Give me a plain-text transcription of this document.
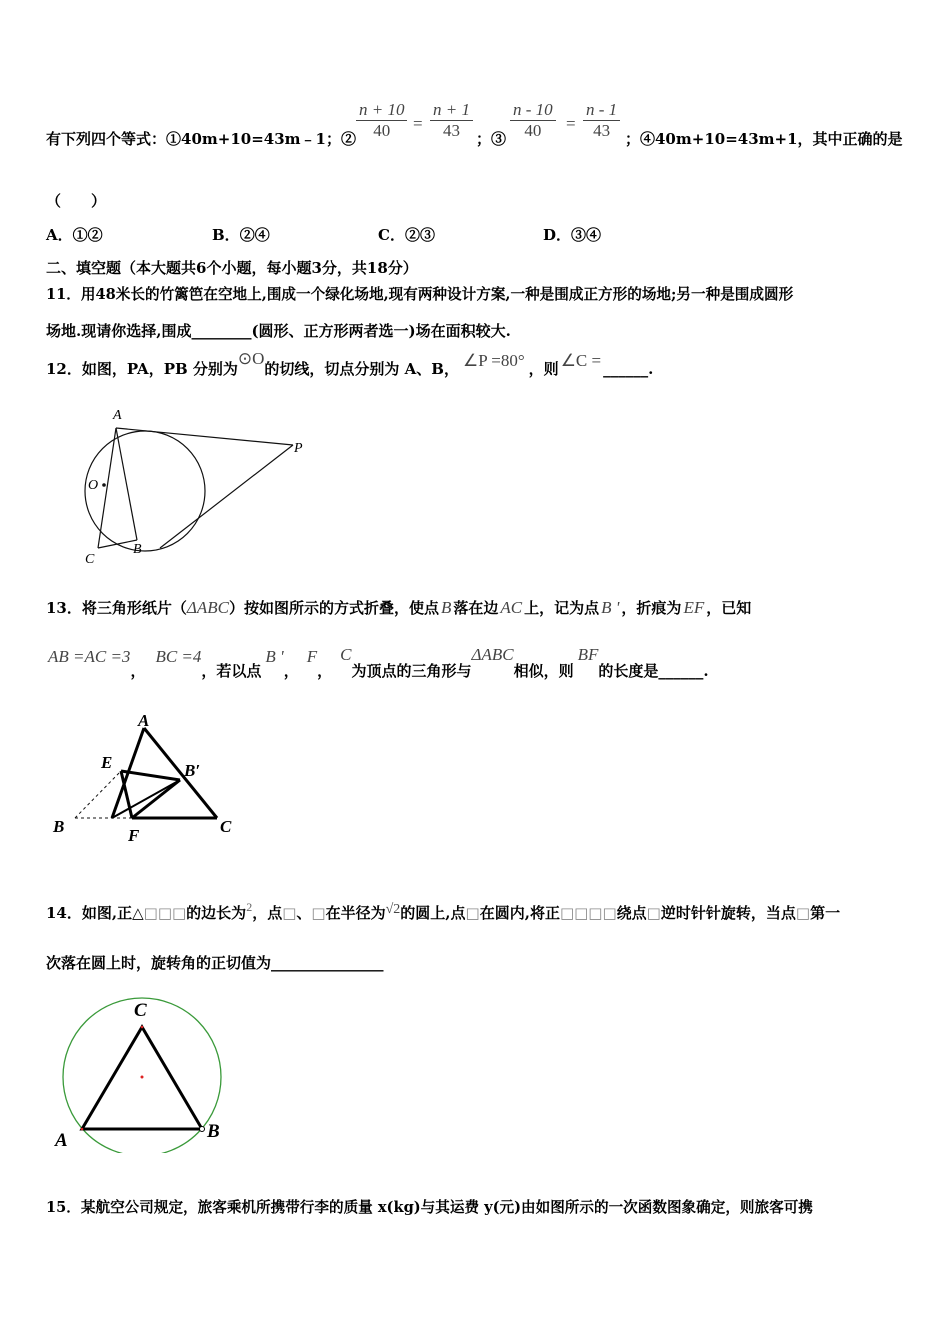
有下列四个等式：①40m+10=43m﹣1；② $\frac{n + 10}{40} = \frac{n + 1}{43}$ ；③ $\frac{n - 10}{40} = \frac{n - 1}{43}$ ；④40m+10=43m+1，其中正确的是
（　　）
A．①②	B．②④	C．②③	D．③④
二、填空题（本大题共6个小题，每小题3分，共18分）
11．用48米长的竹篱笆在空地上,围成一个绿化场地,现有两种设计方案,一种是围成正方形的场地;另一种是围成圆形
场地.现请你选择,围成________(圆形、正方形两者选一)场在面积较大.
12．如图，PA，PB 分别为⊙O的切线，切点分别为 A、B， ∠P =80° ，则 ∠C = ______.
A
P
O
C
B
13．将三角形纸片（ΔABC）按如图所示的方式折叠，使点 B 落在边 AC 上，记为点 B ' ，折痕为 EF ，已知
AB =AC =3，BC =4，若以点B '，F，C为顶点的三角形与ΔABC相似，则BF的长度是______.
A
E	B′
B	F	C
14．如图,正△□□□的边长为$^2$，点□、□在半径为√2的圆上,点□在圆内,将正□□□□绕点□逆时针针旋转，当点□第一
次落在圆上时，旋转角的正切值为_______________
C
A	B
15．某航空公司规定，旅客乘机所携带行李的质量 x(kg)与其运费 y(元)由如图所示的一次函数图象确定，则旅客可携
